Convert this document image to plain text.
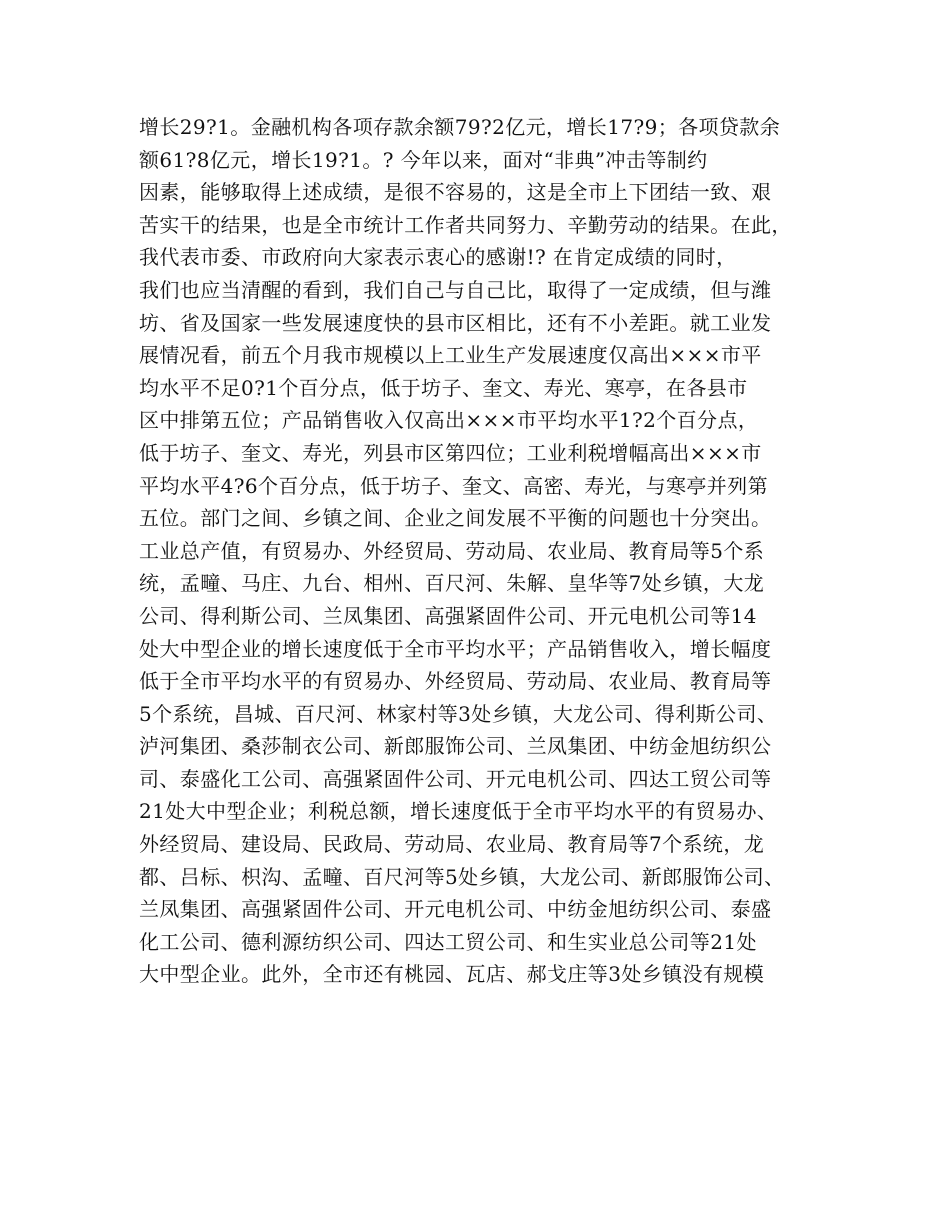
增长29?1。金融机构各项存款余额79?2亿元，增长17?9；各项贷款余
额61?8亿元，增长19?1。? 今年以来，面对“非典”冲击等制约
因素，能够取得上述成绩，是很不容易的，这是全市上下团结一致、艰
苦实干的结果，也是全市统计工作者共同努力、辛勤劳动的结果。在此，
我代表市委、市政府向大家表示衷心的感谢!? 在肯定成绩的同时，
我们也应当清醒的看到，我们自己与自己比，取得了一定成绩，但与潍
坊、省及国家一些发展速度快的县市区相比，还有不小差距。就工业发
展情况看，前五个月我市规模以上工业生产发展速度仅高出×××市平
均水平不足0?1个百分点，低于坊子、奎文、寿光、寒亭，在各县市
区中排第五位；产品销售收入仅高出×××市平均水平1?2个百分点，
低于坊子、奎文、寿光，列县市区第四位；工业利税增幅高出×××市
平均水平4?6个百分点，低于坊子、奎文、高密、寿光，与寒亭并列第
五位。部门之间、乡镇之间、企业之间发展不平衡的问题也十分突出。
工业总产值，有贸易办、外经贸局、劳动局、农业局、教育局等5个系
统，孟疃、马庄、九台、相州、百尺河、朱解、皇华等7处乡镇，大龙
公司、得利斯公司、兰凤集团、高强紧固件公司、开元电机公司等14
处大中型企业的增长速度低于全市平均水平；产品销售收入，增长幅度
低于全市平均水平的有贸易办、外经贸局、劳动局、农业局、教育局等
5个系统，昌城、百尺河、林家村等3处乡镇，大龙公司、得利斯公司、
泸河集团、桑莎制衣公司、新郎服饰公司、兰凤集团、中纺金旭纺织公
司、泰盛化工公司、高强紧固件公司、开元电机公司、四达工贸公司等
21处大中型企业；利税总额，增长速度低于全市平均水平的有贸易办、
外经贸局、建设局、民政局、劳动局、农业局、教育局等7个系统，龙
都、吕标、枳沟、孟疃、百尺河等5处乡镇，大龙公司、新郎服饰公司、
兰凤集团、高强紧固件公司、开元电机公司、中纺金旭纺织公司、泰盛
化工公司、德利源纺织公司、四达工贸公司、和生实业总公司等21处
大中型企业。此外，全市还有桃园、瓦店、郝戈庄等3处乡镇没有规模
